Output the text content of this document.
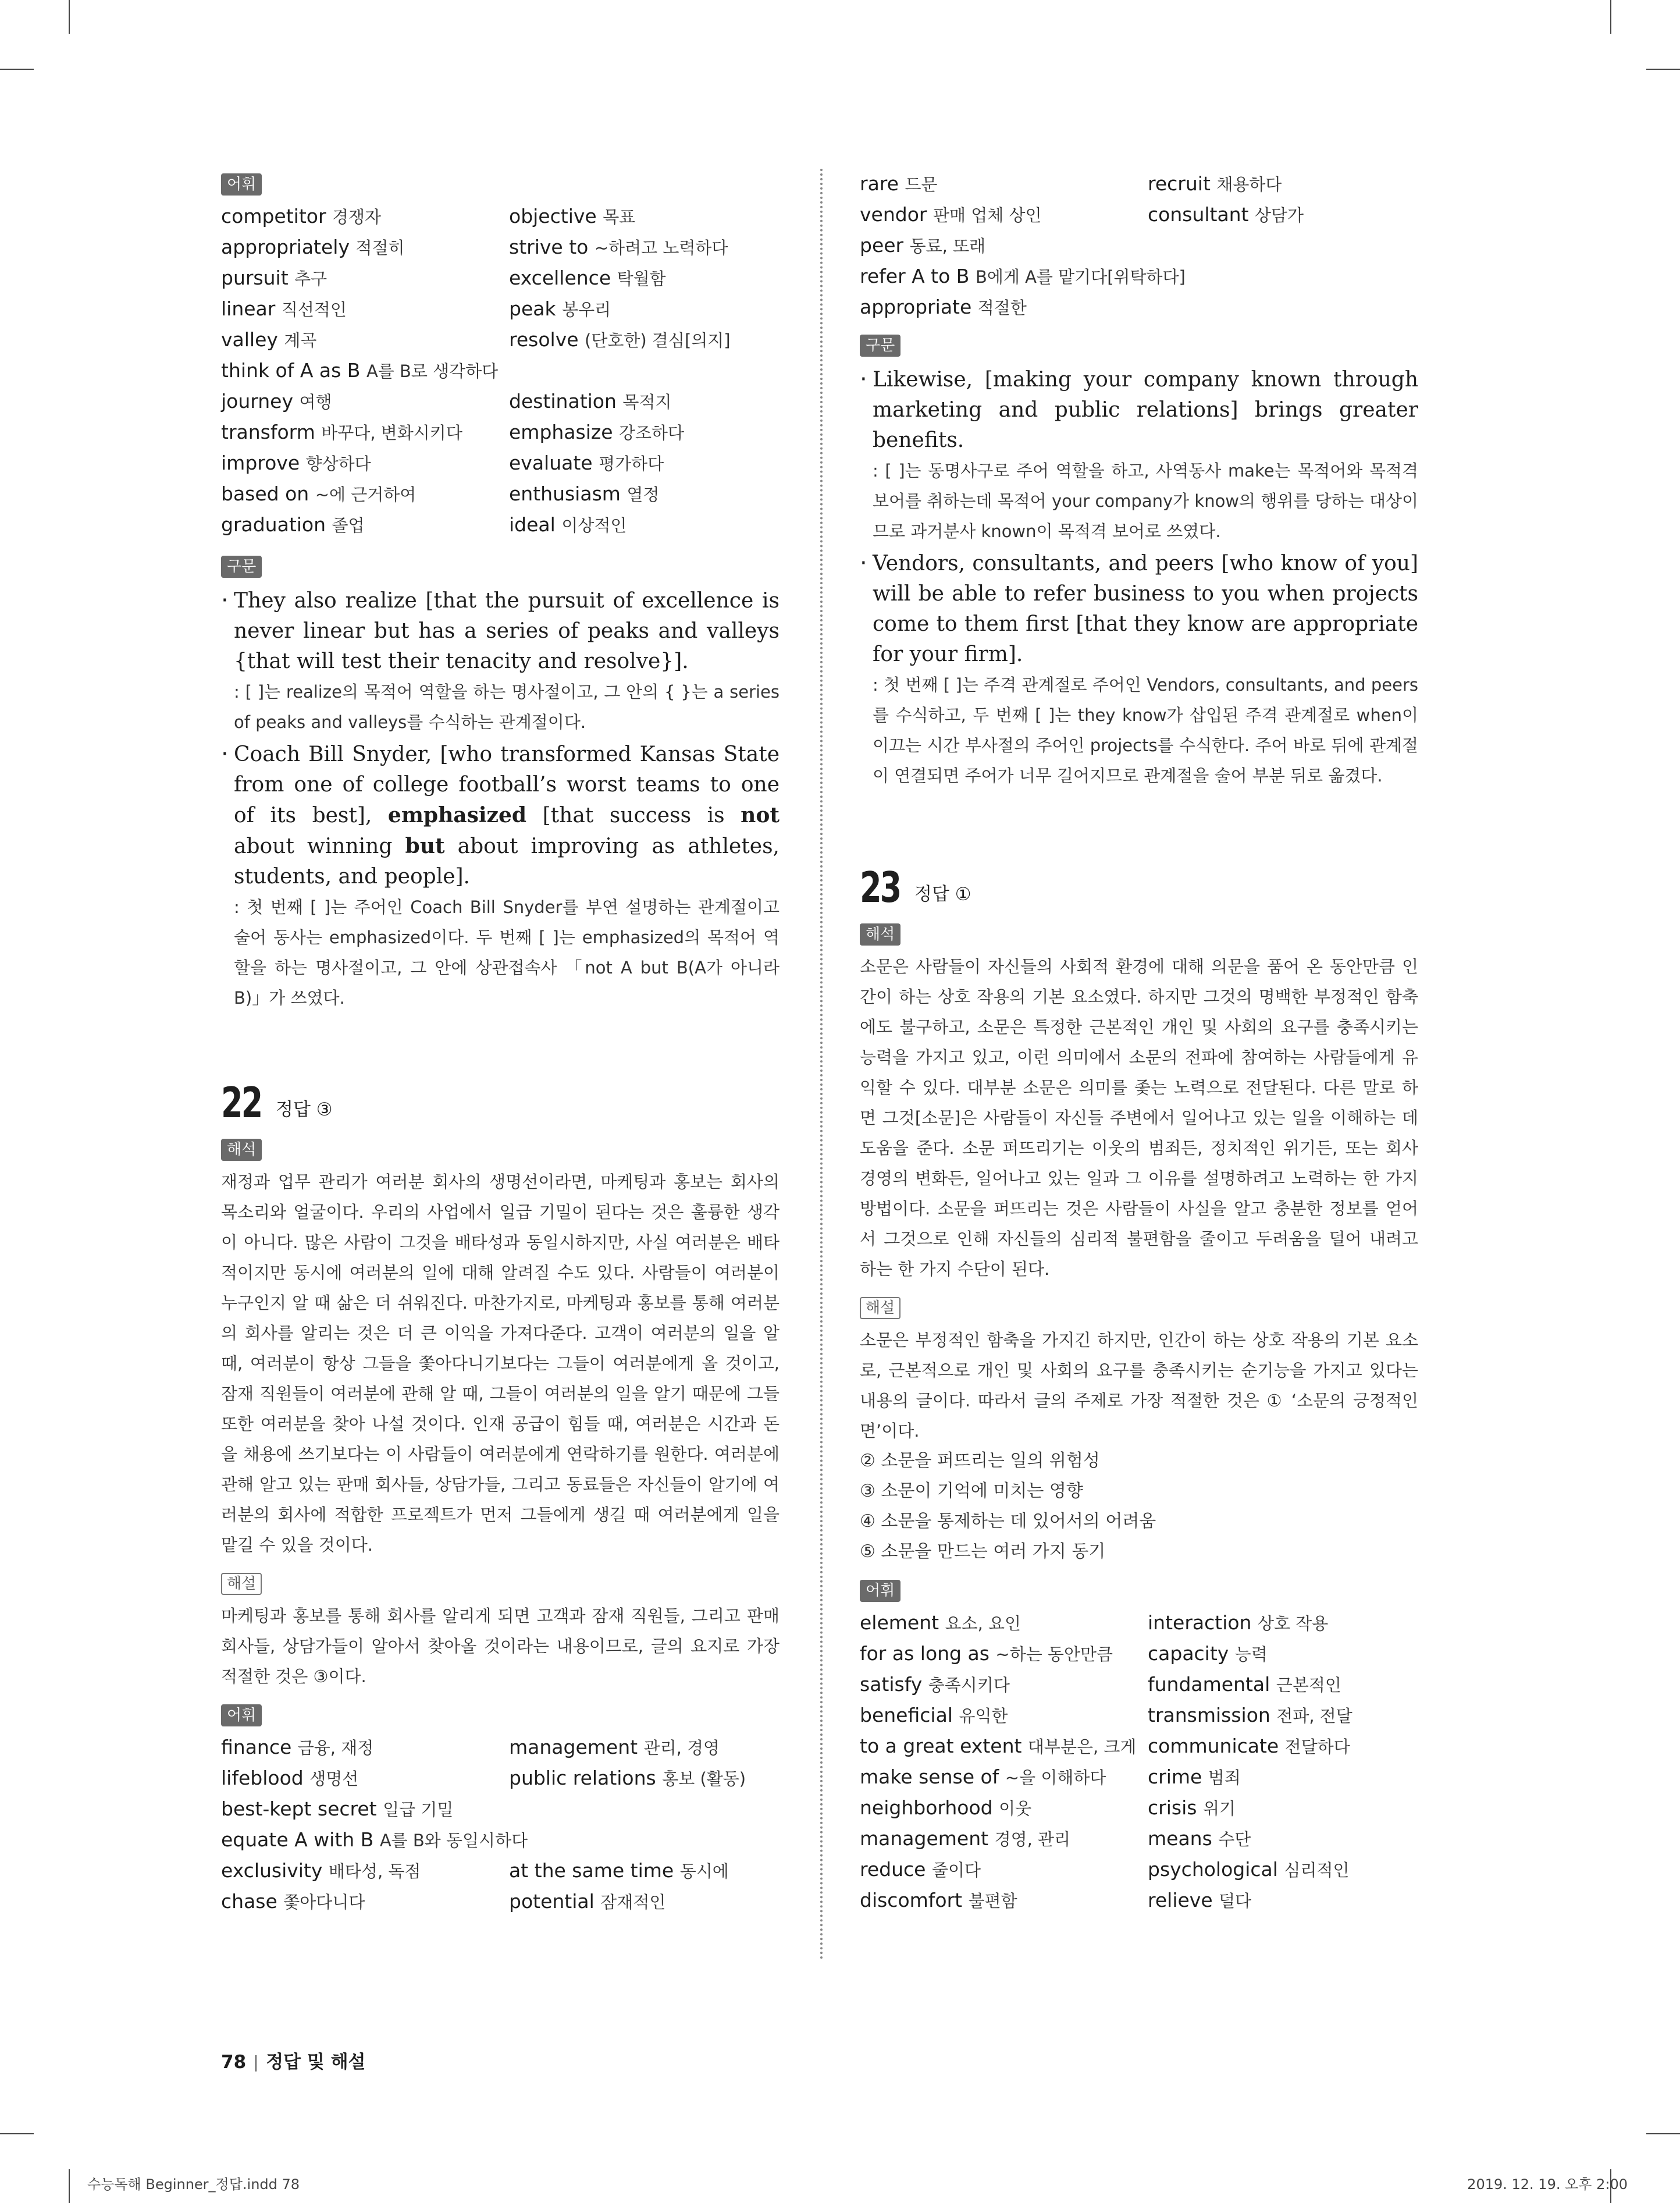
어휘
competitor 경쟁자	objective 목표
appropriately 적절히	strive to ~하려고 노력하다
pursuit 추구	excellence 탁월함
linear 직선적인	peak 봉우리
valley 계곡	resolve (단호한) 결심[의지]
think of A as B A를 B로 생각하다
journey 여행	destination 목적지
transform 바꾸다, 변화시키다	emphasize 강조하다
improve 향상하다	evaluate 평가하다
based on ~에 근거하여	enthusiasm 열정
graduation 졸업	ideal 이상적인
구문
· They also realize [that the pursuit of excellence is never linear but has a series of peaks and valleys {that will test their tenacity and resolve}].
: [ ]는 realize의 목적어 역할을 하는 명사절이고, 그 안의 { }는 a series of peaks and valleys를 수식하는 관계절이다.
· Coach Bill Snyder, [who transformed Kansas State from one of college football’s worst teams to one of its best], emphasized [that success is not about winning but about improving as athletes, students, and people].
: 첫 번째 [ ]는 주어인 Coach Bill Snyder를 부연 설명하는 관계절이고 술어 동사는 emphasized이다. 두 번째 [ ]는 emphasized의 목적어 역할을 하는 명사절이고, 그 안에 상관접속사 「not A but B(A가 아니라 B)」가 쓰였다.
22 정답 ③
해석

재정과 업무 관리가 여러분 회사의 생명선이라면, 마케팅과 홍보는 회사의 목소리와 얼굴이다. 우리의 사업에서 일급 기밀이 된다는 것은 훌륭한 생각이 아니다. 많은 사람이 그것을 배타성과 동일시하지만, 사실 여러분은 배타적이지만 동시에 여러분의 일에 대해 알려질 수도 있다. 사람들이 여러분이 누구인지 알 때 삶은 더 쉬워진다. 마찬가지로, 마케팅과 홍보를 통해 여러분의 회사를 알리는 것은 더 큰 이익을 가져다준다. 고객이 여러분의 일을 알 때, 여러분이 항상 그들을 쫓아다니기보다는 그들이 여러분에게 올 것이고, 잠재 직원들이 여러분에 관해 알 때, 그들이 여러분의 일을 알기 때문에 그들 또한 여러분을 찾아 나설 것이다. 인재 공급이 힘들 때, 여러분은 시간과 돈을 채용에 쓰기보다는 이 사람들이 여러분에게 연락하기를 원한다. 여러분에 관해 알고 있는 판매 회사들, 상담가들, 그리고 동료들은 자신들이 알기에 여러분의 회사에 적합한 프로젝트가 먼저 그들에게 생길 때 여러분에게 일을 맡길 수 있을 것이다.

해설

마케팅과 홍보를 통해 회사를 알리게 되면 고객과 잠재 직원들, 그리고 판매 회사들, 상담가들이 알아서 찾아올 것이라는 내용이므로, 글의 요지로 가장 적절한 것은 ③이다.

어휘
finance 금융, 재정	management 관리, 경영
lifeblood 생명선	public relations 홍보 (활동)
best-kept secret 일급 기밀
equate A with B A를 B와 동일시하다
exclusivity 배타성, 독점	at the same time 동시에
chase 쫓아다니다	potential 잠재적인
rare 드문	recruit 채용하다
vendor 판매 업체 상인	consultant 상담가
peer 동료, 또래
refer A to B B에게 A를 맡기다[위탁하다]
appropriate 적절한
구문
· Likewise, [making your company known through marketing and public relations] brings greater benefits.
: [ ]는 동명사구로 주어 역할을 하고, 사역동사 make는 목적어와 목적격 보어를 취하는데 목적어 your company가 know의 행위를 당하는 대상이므로 과거분사 known이 목적격 보어로 쓰였다.
· Vendors, consultants, and peers [who know of you] will be able to refer business to you when projects come to them first [that they know are appropriate for your firm].
: 첫 번째 [ ]는 주격 관계절로 주어인 Vendors, consultants, and peers를 수식하고, 두 번째 [ ]는 they know가 삽입된 주격 관계절로 when이 이끄는 시간 부사절의 주어인 projects를 수식한다. 주어 바로 뒤에 관계절이 연결되면 주어가 너무 길어지므로 관계절을 술어 부분 뒤로 옮겼다.
23 정답 ①
해석

소문은 사람들이 자신들의 사회적 환경에 대해 의문을 품어 온 동안만큼 인간이 하는 상호 작용의 기본 요소였다. 하지만 그것의 명백한 부정적인 함축에도 불구하고, 소문은 특정한 근본적인 개인 및 사회의 요구를 충족시키는 능력을 가지고 있고, 이런 의미에서 소문의 전파에 참여하는 사람들에게 유익할 수 있다. 대부분 소문은 의미를 좇는 노력으로 전달된다. 다른 말로 하면 그것[소문]은 사람들이 자신들 주변에서 일어나고 있는 일을 이해하는 데 도움을 준다. 소문 퍼뜨리기는 이웃의 범죄든, 정치적인 위기든, 또는 회사 경영의 변화든, 일어나고 있는 일과 그 이유를 설명하려고 노력하는 한 가지 방법이다. 소문을 퍼뜨리는 것은 사람들이 사실을 알고 충분한 정보를 얻어서 그것으로 인해 자신들의 심리적 불편함을 줄이고 두려움을 덜어 내려고 하는 한 가지 수단이 된다.

해설

소문은 부정적인 함축을 가지긴 하지만, 인간이 하는 상호 작용의 기본 요소로, 근본적으로 개인 및 사회의 요구를 충족시키는 순기능을 가지고 있다는 내용의 글이다. 따라서 글의 주제로 가장 적절한 것은 ① ‘소문의 긍정적인 면’이다.

② 소문을 퍼뜨리는 일의 위험성
③ 소문이 기억에 미치는 영향
④ 소문을 통제하는 데 있어서의 어려움
⑤ 소문을 만드는 여러 가지 동기
어휘
element 요소, 요인	interaction 상호 작용
for as long as ~하는 동안만큼	capacity 능력
satisfy 충족시키다	fundamental 근본적인
beneficial 유익한	transmission 전파, 전달
to a great extent 대부분은, 크게 communicate 전달하다
make sense of ~을 이해하다	crime 범죄
neighborhood 이웃	crisis 위기
management 경영, 관리	means 수단
reduce 줄이다	psychological 심리적인
discomfort 불편함	relieve 덜다
78 정답 및 해설
수능독해 Beginner_정답.indd 78	2019. 12. 19. 오후 2:00
